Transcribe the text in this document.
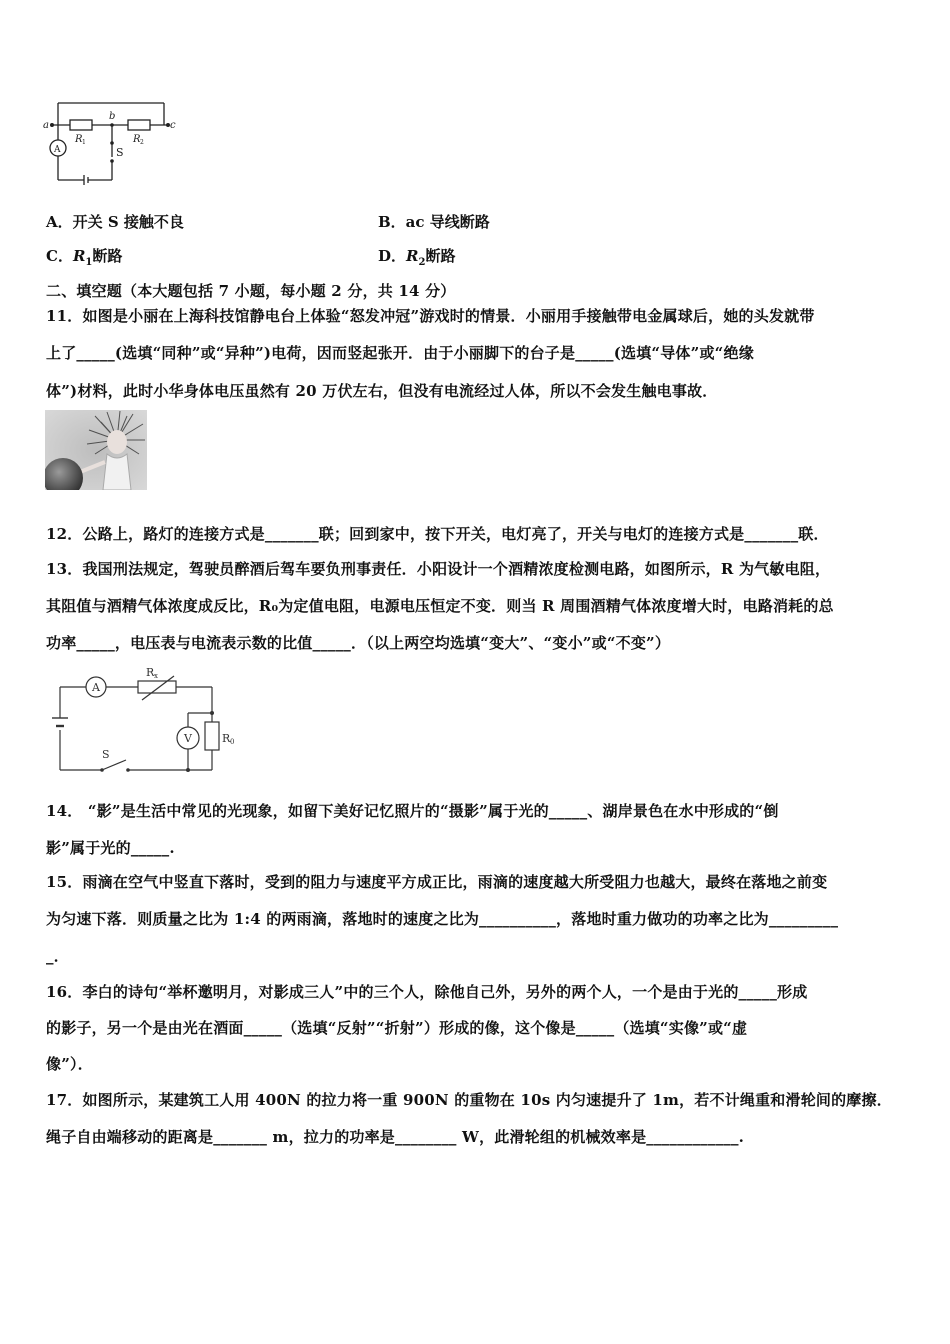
a
b
c
R	R
1	2
S
A
A．开关 S 接触不良	B．ac 导线断路
C．$R_1$断路	D．$R_2$断路
二、填空题（本大题包括 7 小题，每小题 2 分，共 14 分）
11．如图是小丽在上海科技馆静电台上体验“怒发冲冠”游戏时的情景．小丽用手接触带电金属球后，她的头发就带
上了_____(选填“同种”或“异种”)电荷，因而竖起张开．由于小丽脚下的台子是_____(选填“导体”或“绝缘
体”)材料，此时小华身体电压虽然有 20 万伏左右，但没有电流经过人体，所以不会发生触电事故．
12．公路上，路灯的连接方式是_______联；回到家中，按下开关，电灯亮了，开关与电灯的连接方式是_______联．
13．我国刑法规定，驾驶员醉酒后驾车要负刑事责任．小阳设计一个酒精浓度检测电路，如图所示，R 为气敏电阻，
其阻值与酒精气体浓度成反比，R₀为定值电阻，电源电压恒定不变．则当 R 周围酒精气体浓度增大时，电路消耗的总
功率_____，电压表与电流表示数的比值_____．（以上两空均选填“变大”、“变小”或“不变”）
A
R x
V	R 0
S
14． “影”是生活中常见的光现象，如留下美好记忆照片的“摄影”属于光的_____、湖岸景色在水中形成的“倒
影”属于光的_____.
15．雨滴在空气中竖直下落时，受到的阻力与速度平方成正比，雨滴的速度越大所受阻力也越大，最终在落地之前变
为匀速下落．则质量之比为 1:4 的两雨滴，落地时的速度之比为__________，落地时重力做功的功率之比为_________
_．
16．李白的诗句“举杯邀明月，对影成三人”中的三个人，除他自己外，另外的两个人，一个是由于光的_____形成
的影子，另一个是由光在酒面_____（选填“反射”“折射”）形成的像，这个像是_____（选填“实像”或“虚
像”）．
17．如图所示，某建筑工人用 400N 的拉力将一重 900N 的重物在 10s 内匀速提升了 1m，若不计绳重和滑轮间的摩擦．
绳子自由端移动的距离是_______ m，拉力的功率是________ W，此滑轮组的机械效率是____________.
